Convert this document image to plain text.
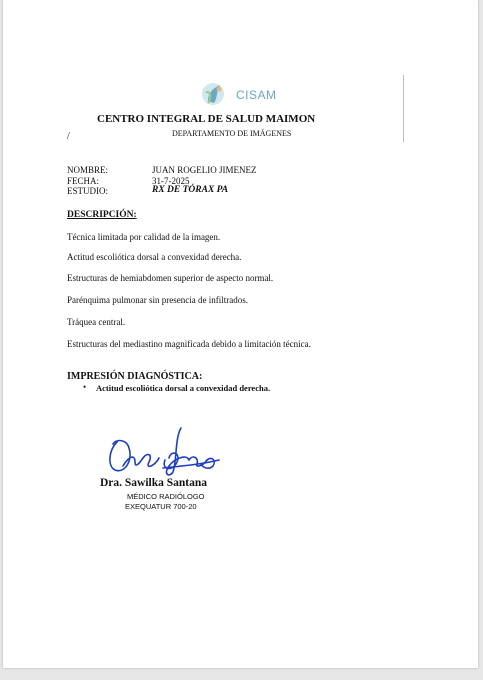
CISAM
CENTRO INTEGRAL DE SALUD MAIMON
/	DEPARTAMENTO DE IMÁGENES
NOMBRE:	JUAN ROGELIO JIMENEZ
FECHA:	31-7-2025
ESTUDIO:	RX DE TÓRAX PA
DESCRIPCIÓN:
Técnica limitada por calidad de la imagen.
Actitud escoliótica dorsal a convexidad derecha.
Estructuras de hemiabdomen superior de aspecto normal.
Parénquima pulmonar sin presencia de infiltrados.
Tráquea central.
Estructuras del mediastino magnificada debido a limitación técnica.
IMPRESIÓN DIAGNÓSTICA:
• Actitud escoliótica dorsal a convexidad derecha.
Dra. Sawilka Santana
MÉDICO RADIÓLOGO
EXEQUATUR 700-20
